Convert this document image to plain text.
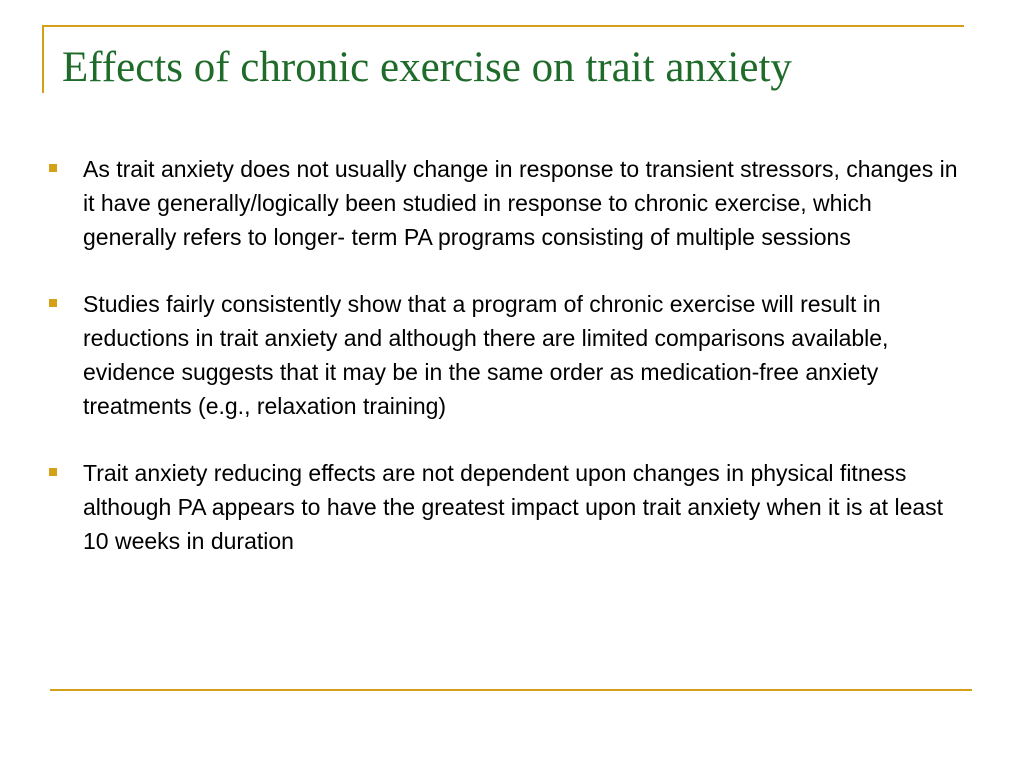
Effects of chronic exercise on trait anxiety
As trait anxiety does not usually change in response to transient stressors, changes in it have generally/logically been studied in response to chronic exercise, which generally refers to longer- term PA programs consisting of multiple sessions
Studies fairly consistently show that a program of chronic exercise will result in reductions in trait anxiety and although there are limited comparisons available, evidence suggests that it may be in the same order as medication-free anxiety treatments (e.g., relaxation training)
Trait anxiety reducing effects are not dependent upon changes in physical fitness although PA appears to have the greatest impact upon trait anxiety when it is at least 10 weeks in duration
